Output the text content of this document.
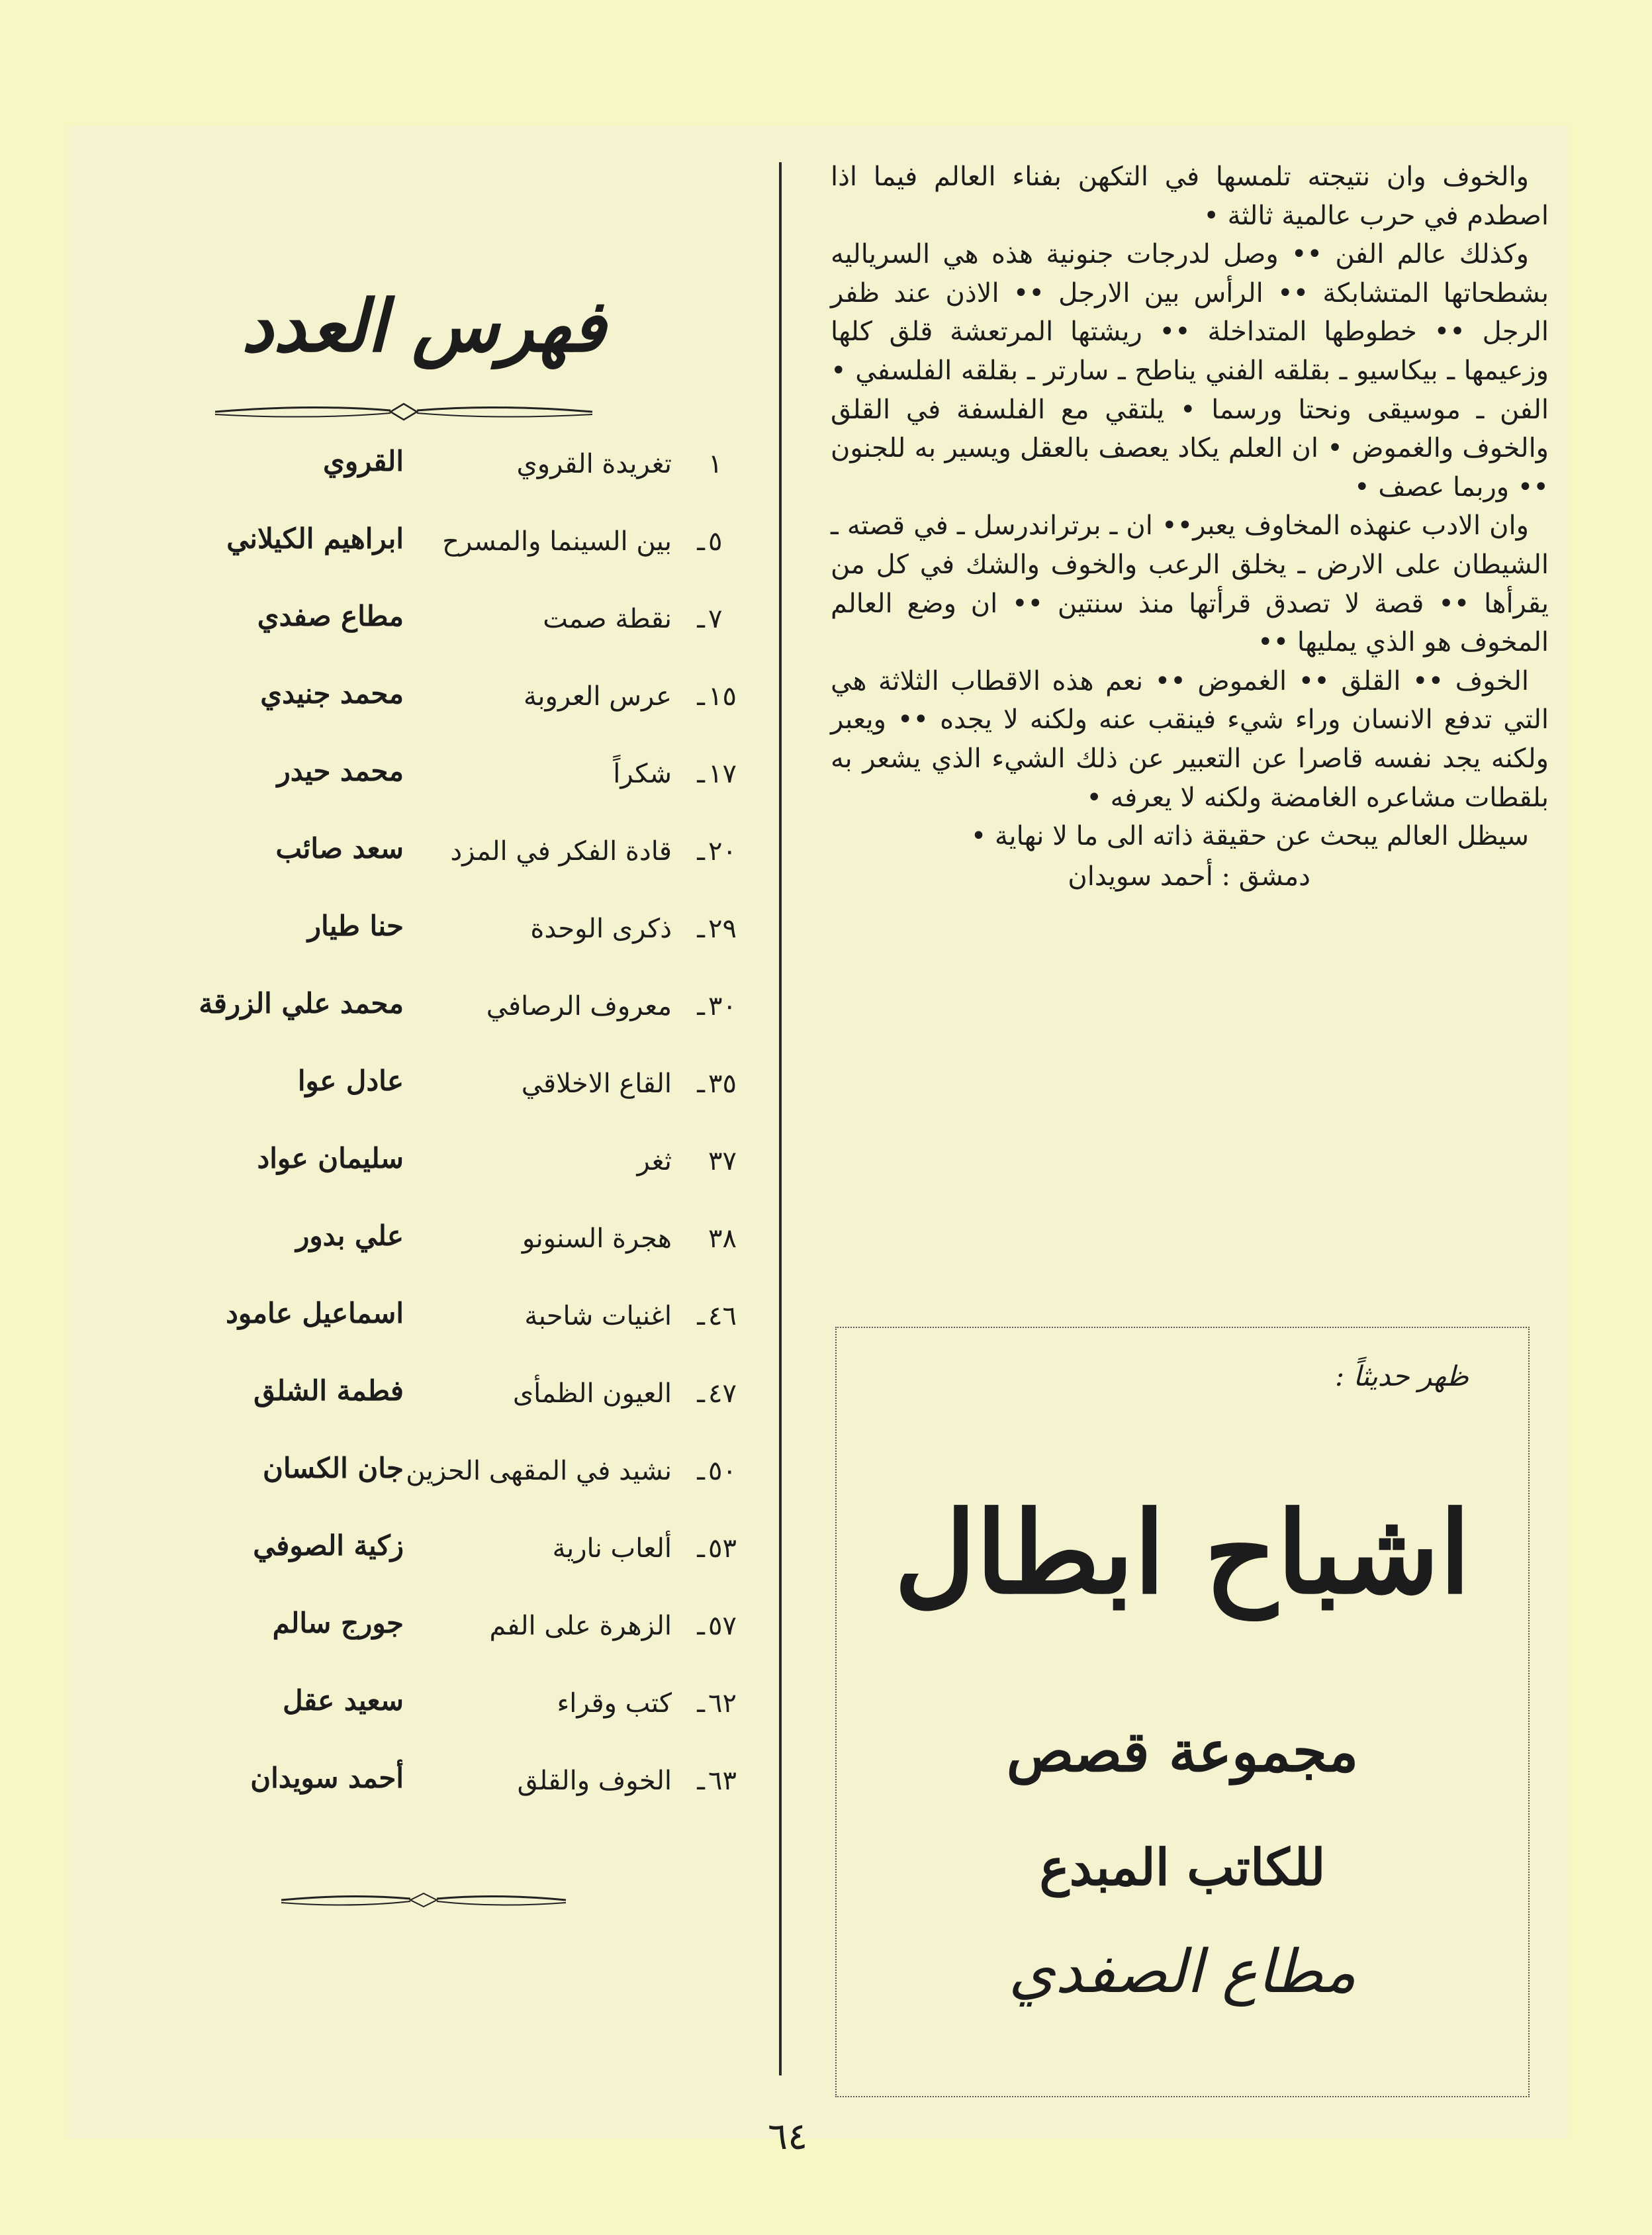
والخوف وان نتيجته تلمسها في التكهن بفناء العالم فيما اذا اصطدم في حرب عالمية ثالثة •

وكذلك عالم الفن •• وصل لدرجات جنونية هذه هي السرياليه بشطحاتها المتشابكة •• الرأس بين الارجل •• الاذن عند ظفر الرجل •• خطوطها المتداخلة •• ريشتها المرتعشة قلق كلها وزعيمها ـ بيكاسيو ـ بقلقه الفني يناطح ـ سارتر ـ بقلقه الفلسفي • الفن ـ موسيقى ونحتا ورسما • يلتقي مع الفلسفة في القلق والخوف والغموض • ان العلم يكاد يعصف بالعقل ويسير به للجنون •• وربما عصف •

وان الادب عنهذه المخاوف يعبر•• ان ـ برتراندرسل ـ في قصته ـ الشيطان على الارض ـ يخلق الرعب والخوف والشك في كل من يقرأها •• قصة لا تصدق قرأتها منذ سنتين •• ان وضع العالم المخوف هو الذي يمليها ••

الخوف •• القلق •• الغموض •• نعم هذه الاقطاب الثلاثة هي التي تدفع الانسان وراء شيء فينقب عنه ولكنه لا يجده •• ويعبر ولكنه يجد نفسه قاصرا عن التعبير عن ذلك الشيء الذي يشعر به بلقطات مشاعره الغامضة ولكنه لا يعرفه •

سيظل العالم يبحث عن حقيقة ذاته الى ما لا نهاية •

دمشق : أحمد سويدان

ظهر حديثاً :
اشباح ابطال
مجموعة قصص
للكاتب المبدع
مطاع الصفدي
فهرس العدد
١
تغريدة القروي
القروي
٥
ـ
بين السينما والمسرح
ابراهيم الكيلاني
٧
ـ
نقطة صمت
مطاع صفدي
١٥
ـ
عرس العروبة
محمد جنيدي
١٧
ـ
شكراً
محمد حيدر
٢٠
ـ
قادة الفكر في المزد
سعد صائب
٢٩
ـ
ذكرى الوحدة
حنا طيار
٣٠
ـ
معروف الرصافي
محمد علي الزرقة
٣٥
ـ
القاع الاخلاقي
عادل عوا
٣٧
ثغر
سليمان عواد
٣٨
هجرة السنونو
علي بدور
٤٦
ـ
اغنيات شاحبة
اسماعيل عامود
٤٧
ـ
العيون الظمأى
فطمة الشلق
٥٠
ـ
نشيد في المقهى الحزين
جان الكسان
٥٣
ـ
ألعاب نارية
زكية الصوفي
٥٧
ـ
الزهرة على الفم
جورج سالم
٦٢
ـ
كتب وقراء
سعيد عقل
٦٣
ـ
الخوف والقلق
أحمد سويدان
٦٤
